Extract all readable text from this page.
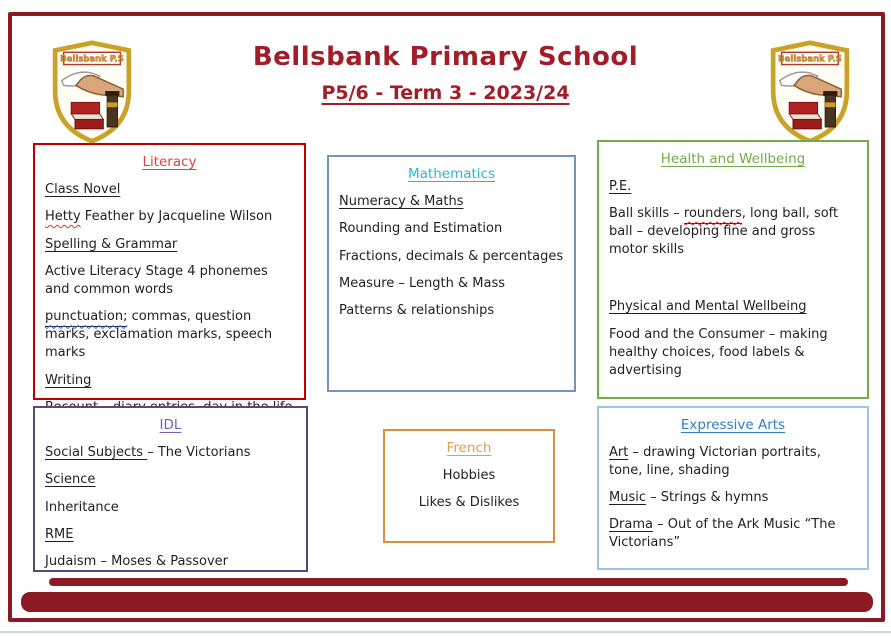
Bellsbank P.S	Bellsbank P.S
Bellsbank Primary School
P5/6 - Term 3 - 2023/24
Literacy
Class Novel
Hetty Feather by Jacqueline Wilson
Spelling & Grammar
Active Literacy Stage 4 phonemes and common words
punctuation; commas, question marks, exclamation marks, speech marks
Writing
Mathematics
Numeracy & Maths
Rounding and Estimation
Fractions, decimals & percentages
Measure – Length & Mass
Patterns & relationships
Health and Wellbeing
P.E.
Ball skills – rounders, long ball, soft ball – developing fine and gross motor skills
Physical and Mental Wellbeing
Food and the Consumer – making healthy choices, food labels & advertising
IDL
Social Subjects – The Victorians
Science
Inheritance
RME
Judaism – Moses & Passover
French
Hobbies
Likes & Dislikes
Expressive Arts
Art – drawing Victorian portraits, tone, line, shading
Music – Strings & hymns
Drama – Out of the Ark Music “The Victorians”
